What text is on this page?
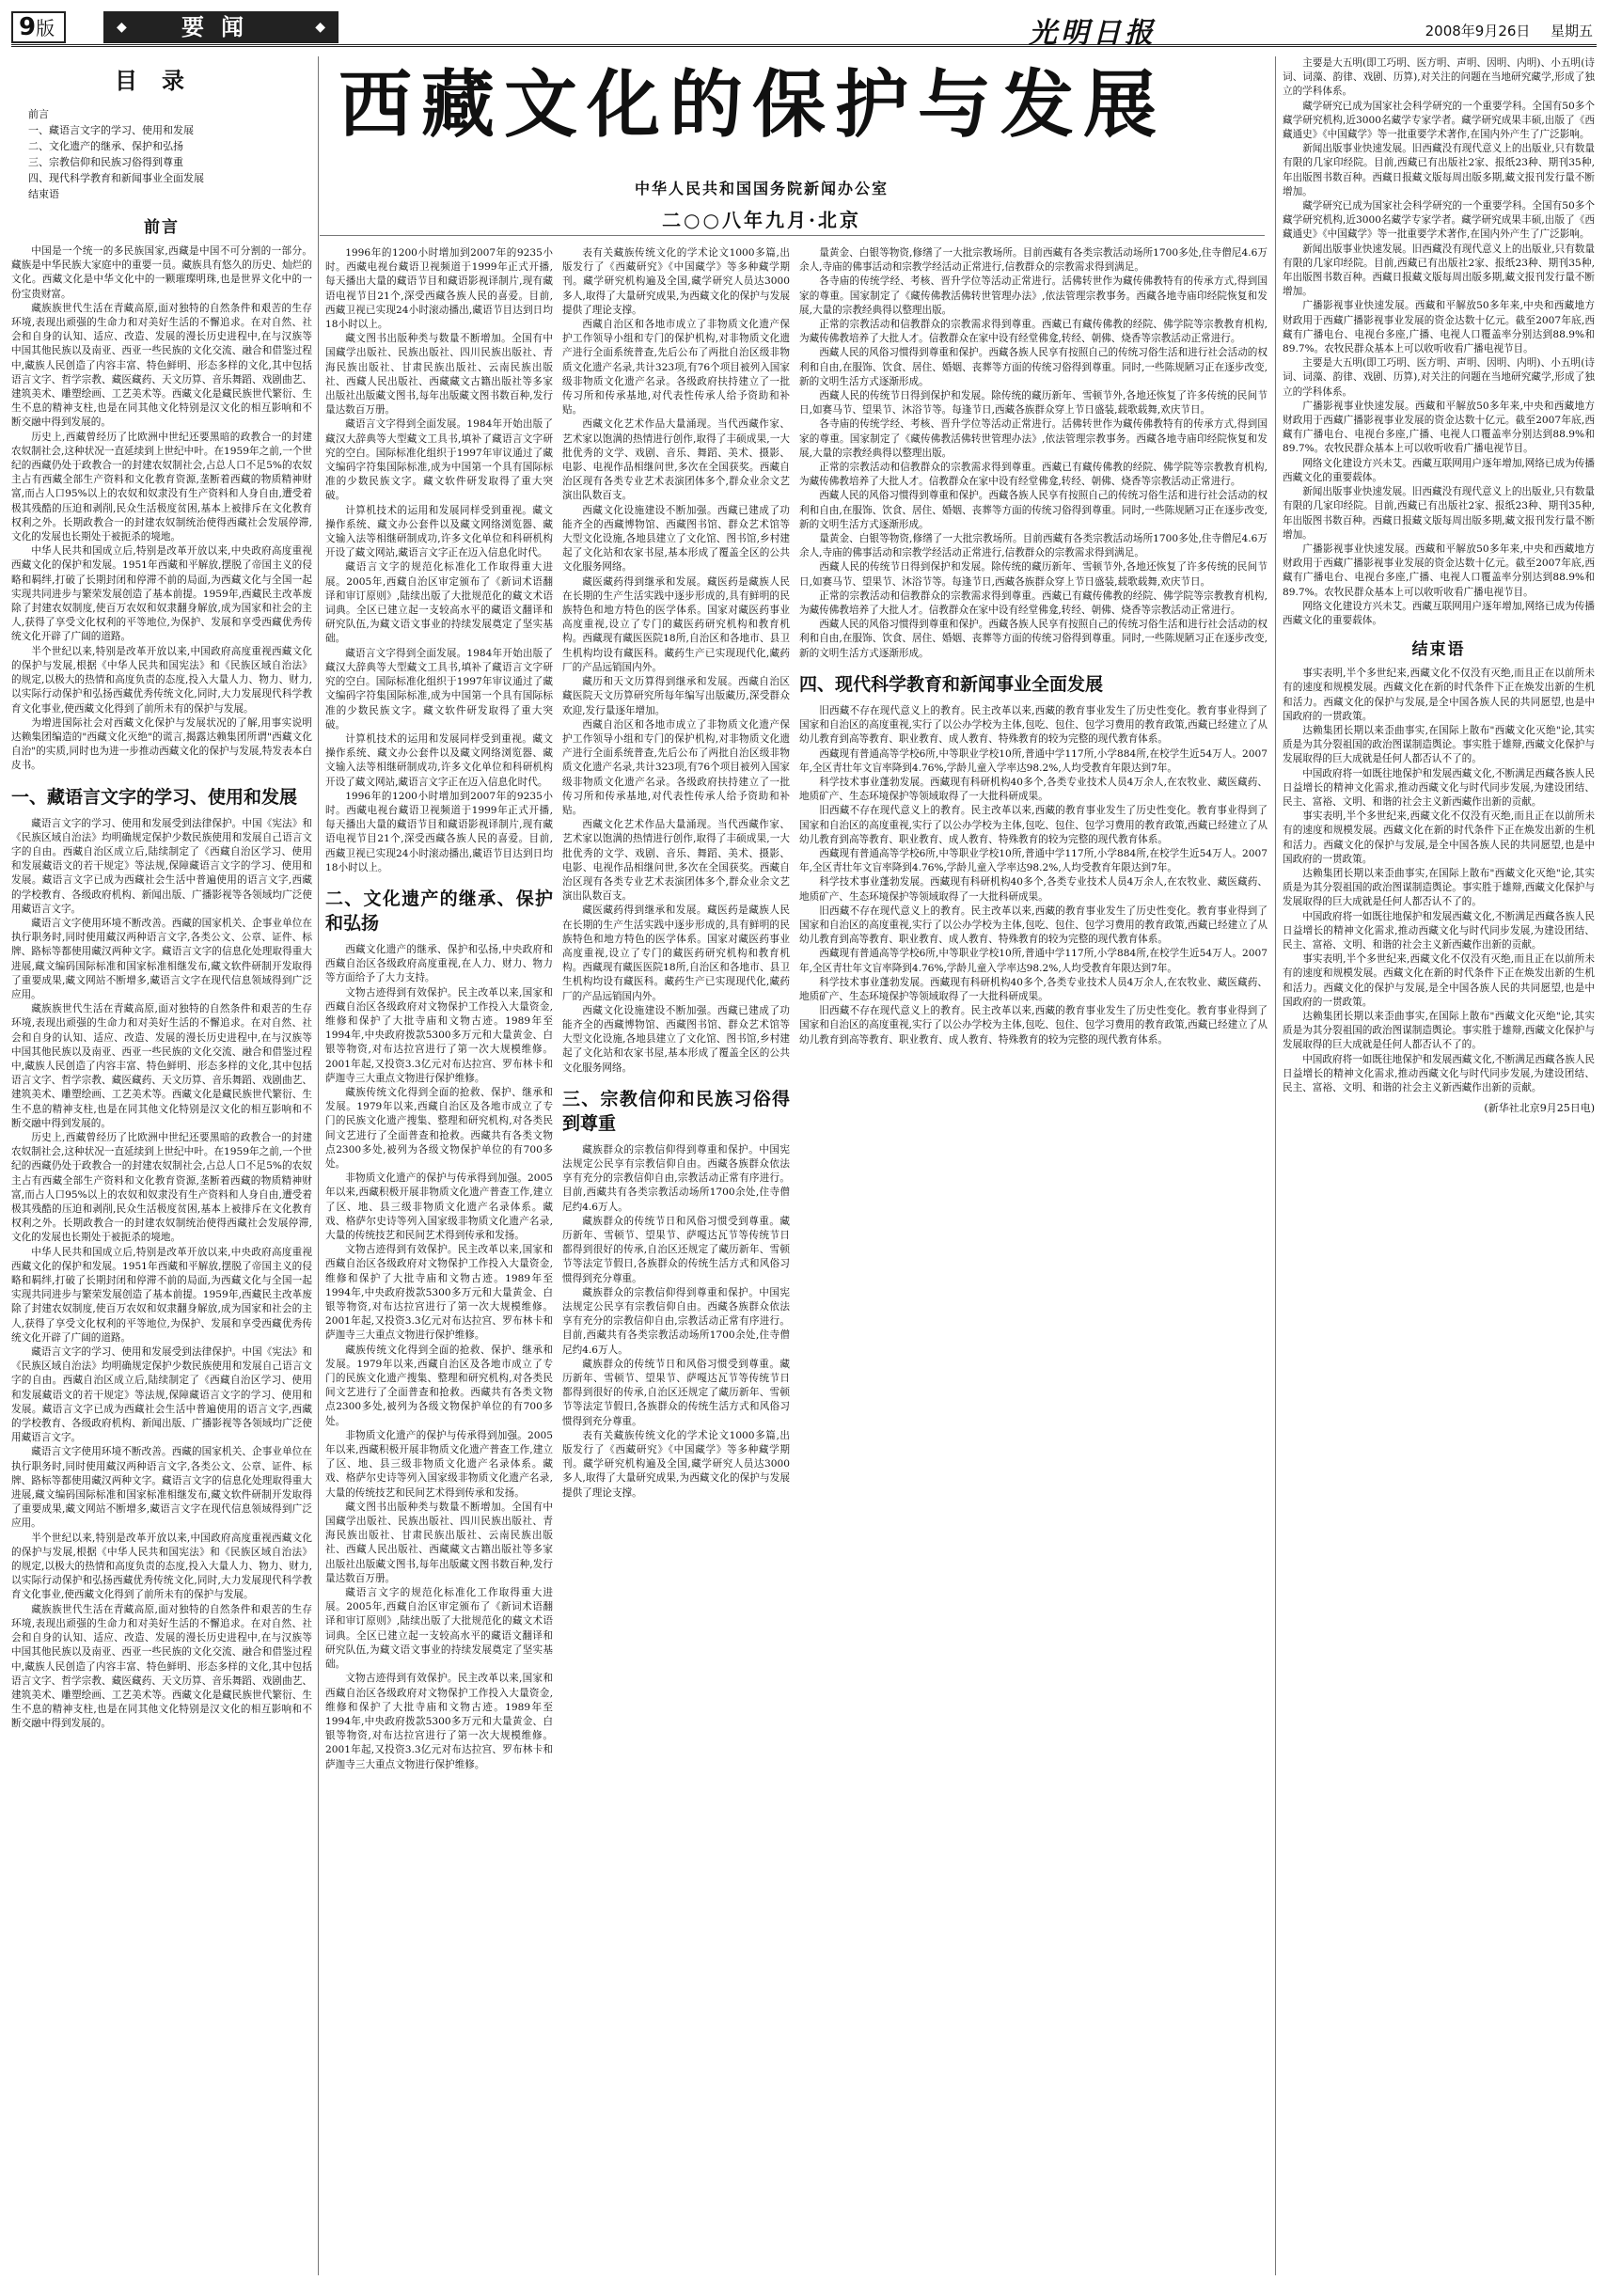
9版
◆	要闻 ◆	光明日报	2008年9月26日 星期五
西藏文化的保护与发展
中华人民共和国国务院新闻办公室
二○○八年九月·北京
目录
前言
一、藏语言文字的学习、使用和发展
二、文化遗产的继承、保护和弘扬
三、宗教信仰和民族习俗得到尊重
四、现代科学教育和新闻事业全面发展
结束语
前言

中国是一个统一的多民族国家,西藏是中国不可分割的一部分。藏族是中华民族大家庭中的重要一员。藏族具有悠久的历史、灿烂的文化。西藏文化是中华文化中的一颗璀璨明珠,也是世界文化中的一份宝贵财富。

藏族族世代生活在青藏高原,面对独特的自然条件和艰苦的生存环境,表现出顽强的生命力和对美好生活的不懈追求。在对自然、社会和自身的认知、适应、改造、发展的漫长历史进程中,在与汉族等中国其他民族以及南亚、西亚一些民族的文化交流、融合和借鉴过程中,藏族人民创造了内容丰富、特色鲜明、形态多样的文化,其中包括语言文字、哲学宗教、藏医藏药、天文历算、音乐舞蹈、戏剧曲艺、建筑美术、雕塑绘画、工艺美术等。西藏文化是藏民族世代繁衍、生生不息的精神支柱,也是在同其他文化特别是汉文化的相互影响和不断交融中得到发展的。

历史上,西藏曾经历了比欧洲中世纪还要黑暗的政教合一的封建农奴制社会,这种状况一直延续到上世纪中叶。在1959年之前,一个世纪的西藏仍处于政教合一的封建农奴制社会,占总人口不足5%的农奴主占有西藏全部生产资料和文化教育资源,垄断着西藏的物质精神财富,而占人口95%以上的农奴和奴隶没有生产资料和人身自由,遭受着极其残酷的压迫和剥削,民众生活极度贫困,基本上被排斥在文化教育权利之外。长期政教合一的封建农奴制统治使得西藏社会发展停滞,文化的发展也长期处于被扼杀的境地。

中华人民共和国成立后,特别是改革开放以来,中央政府高度重视西藏文化的保护和发展。1951年西藏和平解放,摆脱了帝国主义的侵略和羁绊,打破了长期封闭和停滞不前的局面,为西藏文化与全国一起实现共同进步与繁荣发展创造了基本前提。1959年,西藏民主改革废除了封建农奴制度,使百万农奴和奴隶翻身解放,成为国家和社会的主人,获得了享受文化权利的平等地位,为保护、发展和享受西藏优秀传统文化开辟了广阔的道路。

半个世纪以来,特别是改革开放以来,中国政府高度重视西藏文化的保护与发展,根据《中华人民共和国宪法》和《民族区域自治法》的规定,以极大的热情和高度负责的态度,投入大量人力、物力、财力,以实际行动保护和弘扬西藏优秀传统文化,同时,大力发展现代科学教育文化事业,使西藏文化得到了前所未有的保护与发展。

为增进国际社会对西藏文化保护与发展状况的了解,用事实说明达赖集团编造的"西藏文化灭绝"的谎言,揭露达赖集团所谓"西藏文化自治"的实质,同时也为进一步推动西藏文化的保护与发展,特发表本白皮书。

一、藏语言文字的学习、使用和发展

藏语言文字的学习、使用和发展受到法律保护。中国《宪法》和《民族区域自治法》均明确规定保护少数民族使用和发展自己语言文字的自由。西藏自治区成立后,陆续制定了《西藏自治区学习、使用和发展藏语文的若干规定》等法规,保障藏语言文字的学习、使用和发展。藏语言文字已成为西藏社会生活中普遍使用的语言文字,西藏的学校教育、各级政府机构、新闻出版、广播影视等各领域均广泛使用藏语言文字。

藏语言文字使用环境不断改善。西藏的国家机关、企事业单位在执行职务时,同时使用藏汉两种语言文字,各类公文、公章、证件、标牌、路标等都使用藏汉两种文字。藏语言文字的信息化处理取得重大进展,藏文编码国际标准和国家标准相继发布,藏文软件研制开发取得了重要成果,藏文网站不断增多,藏语言文字在现代信息领域得到广泛应用。

藏族族世代生活在青藏高原,面对独特的自然条件和艰苦的生存环境,表现出顽强的生命力和对美好生活的不懈追求。在对自然、社会和自身的认知、适应、改造、发展的漫长历史进程中,在与汉族等中国其他民族以及南亚、西亚一些民族的文化交流、融合和借鉴过程中,藏族人民创造了内容丰富、特色鲜明、形态多样的文化,其中包括语言文字、哲学宗教、藏医藏药、天文历算、音乐舞蹈、戏剧曲艺、建筑美术、雕塑绘画、工艺美术等。西藏文化是藏民族世代繁衍、生生不息的精神支柱,也是在同其他文化特别是汉文化的相互影响和不断交融中得到发展的。

历史上,西藏曾经历了比欧洲中世纪还要黑暗的政教合一的封建农奴制社会,这种状况一直延续到上世纪中叶。在1959年之前,一个世纪的西藏仍处于政教合一的封建农奴制社会,占总人口不足5%的农奴主占有西藏全部生产资料和文化教育资源,垄断着西藏的物质精神财富,而占人口95%以上的农奴和奴隶没有生产资料和人身自由,遭受着极其残酷的压迫和剥削,民众生活极度贫困,基本上被排斥在文化教育权利之外。长期政教合一的封建农奴制统治使得西藏社会发展停滞,文化的发展也长期处于被扼杀的境地。

中华人民共和国成立后,特别是改革开放以来,中央政府高度重视西藏文化的保护和发展。1951年西藏和平解放,摆脱了帝国主义的侵略和羁绊,打破了长期封闭和停滞不前的局面,为西藏文化与全国一起实现共同进步与繁荣发展创造了基本前提。1959年,西藏民主改革废除了封建农奴制度,使百万农奴和奴隶翻身解放,成为国家和社会的主人,获得了享受文化权利的平等地位,为保护、发展和享受西藏优秀传统文化开辟了广阔的道路。

藏语言文字的学习、使用和发展受到法律保护。中国《宪法》和《民族区域自治法》均明确规定保护少数民族使用和发展自己语言文字的自由。西藏自治区成立后,陆续制定了《西藏自治区学习、使用和发展藏语文的若干规定》等法规,保障藏语言文字的学习、使用和发展。藏语言文字已成为西藏社会生活中普遍使用的语言文字,西藏的学校教育、各级政府机构、新闻出版、广播影视等各领域均广泛使用藏语言文字。

藏语言文字使用环境不断改善。西藏的国家机关、企事业单位在执行职务时,同时使用藏汉两种语言文字,各类公文、公章、证件、标牌、路标等都使用藏汉两种文字。藏语言文字的信息化处理取得重大进展,藏文编码国际标准和国家标准相继发布,藏文软件研制开发取得了重要成果,藏文网站不断增多,藏语言文字在现代信息领域得到广泛应用。

半个世纪以来,特别是改革开放以来,中国政府高度重视西藏文化的保护与发展,根据《中华人民共和国宪法》和《民族区域自治法》的规定,以极大的热情和高度负责的态度,投入大量人力、物力、财力,以实际行动保护和弘扬西藏优秀传统文化,同时,大力发展现代科学教育文化事业,使西藏文化得到了前所未有的保护与发展。

藏族族世代生活在青藏高原,面对独特的自然条件和艰苦的生存环境,表现出顽强的生命力和对美好生活的不懈追求。在对自然、社会和自身的认知、适应、改造、发展的漫长历史进程中,在与汉族等中国其他民族以及南亚、西亚一些民族的文化交流、融合和借鉴过程中,藏族人民创造了内容丰富、特色鲜明、形态多样的文化,其中包括语言文字、哲学宗教、藏医藏药、天文历算、音乐舞蹈、戏剧曲艺、建筑美术、雕塑绘画、工艺美术等。西藏文化是藏民族世代繁衍、生生不息的精神支柱,也是在同其他文化特别是汉文化的相互影响和不断交融中得到发展的。

1996年的1200小时增加到2007年的9235小时。西藏电视台藏语卫视频道于1999年正式开播,每天播出大量的藏语节目和藏语影视译制片,现有藏语电视节目21个,深受西藏各族人民的喜爱。目前,西藏卫视已实现24小时滚动播出,藏语节目达到日均18小时以上。

藏文图书出版种类与数量不断增加。全国有中国藏学出版社、民族出版社、四川民族出版社、青海民族出版社、甘肃民族出版社、云南民族出版社、西藏人民出版社、西藏藏文古籍出版社等多家出版社出版藏文图书,每年出版藏文图书数百种,发行量达数百万册。

藏语言文字得到全面发展。1984年开始出版了藏汉大辞典等大型藏文工具书,填补了藏语言文字研究的空白。国际标准化组织于1997年审议通过了藏文编码字符集国际标准,成为中国第一个具有国际标准的少数民族文字。藏文软件研发取得了重大突破。

计算机技术的运用和发展同样受到重视。藏文操作系统、藏文办公套件以及藏文网络浏览器、藏文输入法等相继研制成功,许多文化单位和科研机构开设了藏文网站,藏语言文字正在迈入信息化时代。

藏语言文字的规范化标准化工作取得重大进展。2005年,西藏自治区审定颁布了《新词术语翻译和审订原则》,陆续出版了大批规范化的藏文术语词典。全区已建立起一支较高水平的藏语文翻译和研究队伍,为藏文语文事业的持续发展奠定了坚实基础。

藏语言文字得到全面发展。1984年开始出版了藏汉大辞典等大型藏文工具书,填补了藏语言文字研究的空白。国际标准化组织于1997年审议通过了藏文编码字符集国际标准,成为中国第一个具有国际标准的少数民族文字。藏文软件研发取得了重大突破。

计算机技术的运用和发展同样受到重视。藏文操作系统、藏文办公套件以及藏文网络浏览器、藏文输入法等相继研制成功,许多文化单位和科研机构开设了藏文网站,藏语言文字正在迈入信息化时代。

1996年的1200小时增加到2007年的9235小时。西藏电视台藏语卫视频道于1999年正式开播,每天播出大量的藏语节目和藏语影视译制片,现有藏语电视节目21个,深受西藏各族人民的喜爱。目前,西藏卫视已实现24小时滚动播出,藏语节目达到日均18小时以上。

二、文化遗产的继承、保护和弘扬

西藏文化遗产的继承、保护和弘扬,中央政府和西藏自治区各级政府高度重视,在人力、财力、物力等方面给予了大力支持。

文物古迹得到有效保护。民主改革以来,国家和西藏自治区各级政府对文物保护工作投入大量资金,维修和保护了大批寺庙和文物古迹。1989年至1994年,中央政府拨款5300多万元和大量黄金、白银等物资,对布达拉宫进行了第一次大规模维修。2001年起,又投资3.3亿元对布达拉宫、罗布林卡和萨迦寺三大重点文物进行保护维修。

藏族传统文化得到全面的抢救、保护、继承和发展。1979年以来,西藏自治区及各地市成立了专门的民族文化遗产搜集、整理和研究机构,对各类民间文艺进行了全面普查和抢救。西藏共有各类文物点2300多处,被列为各级文物保护单位的有700多处。

非物质文化遗产的保护与传承得到加强。2005年以来,西藏积极开展非物质文化遗产普查工作,建立了区、地、县三级非物质文化遗产名录体系。藏戏、格萨尔史诗等列入国家级非物质文化遗产名录,大量的传统技艺和民间艺术得到传承和发扬。

文物古迹得到有效保护。民主改革以来,国家和西藏自治区各级政府对文物保护工作投入大量资金,维修和保护了大批寺庙和文物古迹。1989年至1994年,中央政府拨款5300多万元和大量黄金、白银等物资,对布达拉宫进行了第一次大规模维修。2001年起,又投资3.3亿元对布达拉宫、罗布林卡和萨迦寺三大重点文物进行保护维修。

藏族传统文化得到全面的抢救、保护、继承和发展。1979年以来,西藏自治区及各地市成立了专门的民族文化遗产搜集、整理和研究机构,对各类民间文艺进行了全面普查和抢救。西藏共有各类文物点2300多处,被列为各级文物保护单位的有700多处。

非物质文化遗产的保护与传承得到加强。2005年以来,西藏积极开展非物质文化遗产普查工作,建立了区、地、县三级非物质文化遗产名录体系。藏戏、格萨尔史诗等列入国家级非物质文化遗产名录,大量的传统技艺和民间艺术得到传承和发扬。

藏文图书出版种类与数量不断增加。全国有中国藏学出版社、民族出版社、四川民族出版社、青海民族出版社、甘肃民族出版社、云南民族出版社、西藏人民出版社、西藏藏文古籍出版社等多家出版社出版藏文图书,每年出版藏文图书数百种,发行量达数百万册。

藏语言文字的规范化标准化工作取得重大进展。2005年,西藏自治区审定颁布了《新词术语翻译和审订原则》,陆续出版了大批规范化的藏文术语词典。全区已建立起一支较高水平的藏语文翻译和研究队伍,为藏文语文事业的持续发展奠定了坚实基础。

文物古迹得到有效保护。民主改革以来,国家和西藏自治区各级政府对文物保护工作投入大量资金,维修和保护了大批寺庙和文物古迹。1989年至1994年,中央政府拨款5300多万元和大量黄金、白银等物资,对布达拉宫进行了第一次大规模维修。2001年起,又投资3.3亿元对布达拉宫、罗布林卡和萨迦寺三大重点文物进行保护维修。

表有关藏族传统文化的学术论文1000多篇,出版发行了《西藏研究》《中国藏学》等多种藏学期刊。藏学研究机构遍及全国,藏学研究人员达3000多人,取得了大量研究成果,为西藏文化的保护与发展提供了理论支撑。

西藏自治区和各地市成立了非物质文化遗产保护工作领导小组和专门的保护机构,对非物质文化遗产进行全面系统普查,先后公布了两批自治区级非物质文化遗产名录,共计323项,有76个项目被列入国家级非物质文化遗产名录。各级政府扶持建立了一批传习所和传承基地,对代表性传承人给予资助和补贴。

西藏文化艺术作品大量涌现。当代西藏作家、艺术家以饱满的热情进行创作,取得了丰硕成果,一大批优秀的文学、戏剧、音乐、舞蹈、美术、摄影、电影、电视作品相继问世,多次在全国获奖。西藏自治区现有各类专业艺术表演团体多个,群众业余文艺演出队数百支。

西藏文化设施建设不断加强。西藏已建成了功能齐全的西藏博物馆、西藏图书馆、群众艺术馆等大型文化设施,各地县建立了文化馆、图书馆,乡村建起了文化站和农家书屋,基本形成了覆盖全区的公共文化服务网络。

藏医藏药得到继承和发展。藏医药是藏族人民在长期的生产生活实践中逐步形成的,具有鲜明的民族特色和地方特色的医学体系。国家对藏医药事业高度重视,设立了专门的藏医药研究机构和教育机构。西藏现有藏医医院18所,自治区和各地市、县卫生机构均设有藏医科。藏药生产已实现现代化,藏药厂的产品远销国内外。

藏历和天文历算得到继承和发展。西藏自治区藏医院天文历算研究所每年编写出版藏历,深受群众欢迎,发行量逐年增加。

西藏自治区和各地市成立了非物质文化遗产保护工作领导小组和专门的保护机构,对非物质文化遗产进行全面系统普查,先后公布了两批自治区级非物质文化遗产名录,共计323项,有76个项目被列入国家级非物质文化遗产名录。各级政府扶持建立了一批传习所和传承基地,对代表性传承人给予资助和补贴。

西藏文化艺术作品大量涌现。当代西藏作家、艺术家以饱满的热情进行创作,取得了丰硕成果,一大批优秀的文学、戏剧、音乐、舞蹈、美术、摄影、电影、电视作品相继问世,多次在全国获奖。西藏自治区现有各类专业艺术表演团体多个,群众业余文艺演出队数百支。

藏医藏药得到继承和发展。藏医药是藏族人民在长期的生产生活实践中逐步形成的,具有鲜明的民族特色和地方特色的医学体系。国家对藏医药事业高度重视,设立了专门的藏医药研究机构和教育机构。西藏现有藏医医院18所,自治区和各地市、县卫生机构均设有藏医科。藏药生产已实现现代化,藏药厂的产品远销国内外。

西藏文化设施建设不断加强。西藏已建成了功能齐全的西藏博物馆、西藏图书馆、群众艺术馆等大型文化设施,各地县建立了文化馆、图书馆,乡村建起了文化站和农家书屋,基本形成了覆盖全区的公共文化服务网络。

三、宗教信仰和民族习俗得到尊重

藏族群众的宗教信仰得到尊重和保护。中国宪法规定公民享有宗教信仰自由。西藏各族群众依法享有充分的宗教信仰自由,宗教活动正常有序进行。目前,西藏共有各类宗教活动场所1700余处,住寺僧尼约4.6万人。

藏族群众的传统节日和风俗习惯受到尊重。藏历新年、雪顿节、望果节、萨嘎达瓦节等传统节日都得到很好的传承,自治区还规定了藏历新年、雪顿节等法定节假日,各族群众的传统生活方式和风俗习惯得到充分尊重。

藏族群众的宗教信仰得到尊重和保护。中国宪法规定公民享有宗教信仰自由。西藏各族群众依法享有充分的宗教信仰自由,宗教活动正常有序进行。目前,西藏共有各类宗教活动场所1700余处,住寺僧尼约4.6万人。

藏族群众的传统节日和风俗习惯受到尊重。藏历新年、雪顿节、望果节、萨嘎达瓦节等传统节日都得到很好的传承,自治区还规定了藏历新年、雪顿节等法定节假日,各族群众的传统生活方式和风俗习惯得到充分尊重。

表有关藏族传统文化的学术论文1000多篇,出版发行了《西藏研究》《中国藏学》等多种藏学期刊。藏学研究机构遍及全国,藏学研究人员达3000多人,取得了大量研究成果,为西藏文化的保护与发展提供了理论支撑。

量黄金、白银等物资,修缮了一大批宗教场所。目前西藏有各类宗教活动场所1700多处,住寺僧尼4.6万余人,寺庙的佛事活动和宗教学经活动正常进行,信教群众的宗教需求得到满足。

各寺庙的传统学经、考核、晋升学位等活动正常进行。活佛转世作为藏传佛教特有的传承方式,得到国家的尊重。国家制定了《藏传佛教活佛转世管理办法》,依法管理宗教事务。西藏各地寺庙印经院恢复和发展,大量的宗教经典得以整理出版。

正常的宗教活动和信教群众的宗教需求得到尊重。西藏已有藏传佛教的经院、佛学院等宗教教育机构,为藏传佛教培养了大批人才。信教群众在家中设有经堂佛龛,转经、朝佛、烧香等宗教活动正常进行。

西藏人民的风俗习惯得到尊重和保护。西藏各族人民享有按照自己的传统习俗生活和进行社会活动的权利和自由,在服饰、饮食、居住、婚姻、丧葬等方面的传统习俗得到尊重。同时,一些陈规陋习正在逐步改变,新的文明生活方式逐渐形成。

西藏人民的传统节日得到保护和发展。除传统的藏历新年、雪顿节外,各地还恢复了许多传统的民间节日,如赛马节、望果节、沐浴节等。每逢节日,西藏各族群众穿上节日盛装,载歌载舞,欢庆节日。

各寺庙的传统学经、考核、晋升学位等活动正常进行。活佛转世作为藏传佛教特有的传承方式,得到国家的尊重。国家制定了《藏传佛教活佛转世管理办法》,依法管理宗教事务。西藏各地寺庙印经院恢复和发展,大量的宗教经典得以整理出版。

正常的宗教活动和信教群众的宗教需求得到尊重。西藏已有藏传佛教的经院、佛学院等宗教教育机构,为藏传佛教培养了大批人才。信教群众在家中设有经堂佛龛,转经、朝佛、烧香等宗教活动正常进行。

西藏人民的风俗习惯得到尊重和保护。西藏各族人民享有按照自己的传统习俗生活和进行社会活动的权利和自由,在服饰、饮食、居住、婚姻、丧葬等方面的传统习俗得到尊重。同时,一些陈规陋习正在逐步改变,新的文明生活方式逐渐形成。

量黄金、白银等物资,修缮了一大批宗教场所。目前西藏有各类宗教活动场所1700多处,住寺僧尼4.6万余人,寺庙的佛事活动和宗教学经活动正常进行,信教群众的宗教需求得到满足。

西藏人民的传统节日得到保护和发展。除传统的藏历新年、雪顿节外,各地还恢复了许多传统的民间节日,如赛马节、望果节、沐浴节等。每逢节日,西藏各族群众穿上节日盛装,载歌载舞,欢庆节日。

正常的宗教活动和信教群众的宗教需求得到尊重。西藏已有藏传佛教的经院、佛学院等宗教教育机构,为藏传佛教培养了大批人才。信教群众在家中设有经堂佛龛,转经、朝佛、烧香等宗教活动正常进行。

西藏人民的风俗习惯得到尊重和保护。西藏各族人民享有按照自己的传统习俗生活和进行社会活动的权利和自由,在服饰、饮食、居住、婚姻、丧葬等方面的传统习俗得到尊重。同时,一些陈规陋习正在逐步改变,新的文明生活方式逐渐形成。

四、现代科学教育和新闻事业全面发展

旧西藏不存在现代意义上的教育。民主改革以来,西藏的教育事业发生了历史性变化。教育事业得到了国家和自治区的高度重视,实行了以公办学校为主体,包吃、包住、包学习费用的教育政策,西藏已经建立了从幼儿教育到高等教育、职业教育、成人教育、特殊教育的较为完整的现代教育体系。

西藏现有普通高等学校6所,中等职业学校10所,普通中学117所,小学884所,在校学生近54万人。2007年,全区青壮年文盲率降到4.76%,学龄儿童入学率达98.2%,人均受教育年限达到7年。

科学技术事业蓬勃发展。西藏现有科研机构40多个,各类专业技术人员4万余人,在农牧业、藏医藏药、地质矿产、生态环境保护等领域取得了一大批科研成果。

旧西藏不存在现代意义上的教育。民主改革以来,西藏的教育事业发生了历史性变化。教育事业得到了国家和自治区的高度重视,实行了以公办学校为主体,包吃、包住、包学习费用的教育政策,西藏已经建立了从幼儿教育到高等教育、职业教育、成人教育、特殊教育的较为完整的现代教育体系。

西藏现有普通高等学校6所,中等职业学校10所,普通中学117所,小学884所,在校学生近54万人。2007年,全区青壮年文盲率降到4.76%,学龄儿童入学率达98.2%,人均受教育年限达到7年。

科学技术事业蓬勃发展。西藏现有科研机构40多个,各类专业技术人员4万余人,在农牧业、藏医藏药、地质矿产、生态环境保护等领域取得了一大批科研成果。

旧西藏不存在现代意义上的教育。民主改革以来,西藏的教育事业发生了历史性变化。教育事业得到了国家和自治区的高度重视,实行了以公办学校为主体,包吃、包住、包学习费用的教育政策,西藏已经建立了从幼儿教育到高等教育、职业教育、成人教育、特殊教育的较为完整的现代教育体系。

西藏现有普通高等学校6所,中等职业学校10所,普通中学117所,小学884所,在校学生近54万人。2007年,全区青壮年文盲率降到4.76%,学龄儿童入学率达98.2%,人均受教育年限达到7年。

科学技术事业蓬勃发展。西藏现有科研机构40多个,各类专业技术人员4万余人,在农牧业、藏医藏药、地质矿产、生态环境保护等领域取得了一大批科研成果。

旧西藏不存在现代意义上的教育。民主改革以来,西藏的教育事业发生了历史性变化。教育事业得到了国家和自治区的高度重视,实行了以公办学校为主体,包吃、包住、包学习费用的教育政策,西藏已经建立了从幼儿教育到高等教育、职业教育、成人教育、特殊教育的较为完整的现代教育体系。

主要是大五明(即工巧明、医方明、声明、因明、内明)、小五明(诗词、词藻、韵律、戏剧、历算),对关注的问题在当地研究藏学,形成了独立的学科体系。

藏学研究已成为国家社会科学研究的一个重要学科。全国有50多个藏学研究机构,近3000名藏学专家学者。藏学研究成果丰硕,出版了《西藏通史》《中国藏学》等一批重要学术著作,在国内外产生了广泛影响。

新闻出版事业快速发展。旧西藏没有现代意义上的出版业,只有数量有限的几家印经院。目前,西藏已有出版社2家、报纸23种、期刊35种,年出版图书数百种。西藏日报藏文版每周出版多期,藏文报刊发行量不断增加。

藏学研究已成为国家社会科学研究的一个重要学科。全国有50多个藏学研究机构,近3000名藏学专家学者。藏学研究成果丰硕,出版了《西藏通史》《中国藏学》等一批重要学术著作,在国内外产生了广泛影响。

新闻出版事业快速发展。旧西藏没有现代意义上的出版业,只有数量有限的几家印经院。目前,西藏已有出版社2家、报纸23种、期刊35种,年出版图书数百种。西藏日报藏文版每周出版多期,藏文报刊发行量不断增加。

广播影视事业快速发展。西藏和平解放50多年来,中央和西藏地方财政用于西藏广播影视事业发展的资金达数十亿元。截至2007年底,西藏有广播电台、电视台多座,广播、电视人口覆盖率分别达到88.9%和89.7%。农牧民群众基本上可以收听收看广播电视节目。

主要是大五明(即工巧明、医方明、声明、因明、内明)、小五明(诗词、词藻、韵律、戏剧、历算),对关注的问题在当地研究藏学,形成了独立的学科体系。

广播影视事业快速发展。西藏和平解放50多年来,中央和西藏地方财政用于西藏广播影视事业发展的资金达数十亿元。截至2007年底,西藏有广播电台、电视台多座,广播、电视人口覆盖率分别达到88.9%和89.7%。农牧民群众基本上可以收听收看广播电视节目。

网络文化建设方兴未艾。西藏互联网用户逐年增加,网络已成为传播西藏文化的重要载体。

新闻出版事业快速发展。旧西藏没有现代意义上的出版业,只有数量有限的几家印经院。目前,西藏已有出版社2家、报纸23种、期刊35种,年出版图书数百种。西藏日报藏文版每周出版多期,藏文报刊发行量不断增加。

广播影视事业快速发展。西藏和平解放50多年来,中央和西藏地方财政用于西藏广播影视事业发展的资金达数十亿元。截至2007年底,西藏有广播电台、电视台多座,广播、电视人口覆盖率分别达到88.9%和89.7%。农牧民群众基本上可以收听收看广播电视节目。

网络文化建设方兴未艾。西藏互联网用户逐年增加,网络已成为传播西藏文化的重要载体。

结束语

事实表明,半个多世纪来,西藏文化不仅没有灭绝,而且正在以前所未有的速度和规模发展。西藏文化在新的时代条件下正在焕发出新的生机和活力。西藏文化的保护与发展,是全中国各族人民的共同愿望,也是中国政府的一贯政策。

达赖集团长期以来歪曲事实,在国际上散布"西藏文化灭绝"论,其实质是为其分裂祖国的政治图谋制造舆论。事实胜于雄辩,西藏文化保护与发展取得的巨大成就是任何人都否认不了的。

中国政府将一如既往地保护和发展西藏文化,不断满足西藏各族人民日益增长的精神文化需求,推动西藏文化与时代同步发展,为建设团结、民主、富裕、文明、和谐的社会主义新西藏作出新的贡献。

事实表明,半个多世纪来,西藏文化不仅没有灭绝,而且正在以前所未有的速度和规模发展。西藏文化在新的时代条件下正在焕发出新的生机和活力。西藏文化的保护与发展,是全中国各族人民的共同愿望,也是中国政府的一贯政策。

达赖集团长期以来歪曲事实,在国际上散布"西藏文化灭绝"论,其实质是为其分裂祖国的政治图谋制造舆论。事实胜于雄辩,西藏文化保护与发展取得的巨大成就是任何人都否认不了的。

中国政府将一如既往地保护和发展西藏文化,不断满足西藏各族人民日益增长的精神文化需求,推动西藏文化与时代同步发展,为建设团结、民主、富裕、文明、和谐的社会主义新西藏作出新的贡献。

事实表明,半个多世纪来,西藏文化不仅没有灭绝,而且正在以前所未有的速度和规模发展。西藏文化在新的时代条件下正在焕发出新的生机和活力。西藏文化的保护与发展,是全中国各族人民的共同愿望,也是中国政府的一贯政策。

达赖集团长期以来歪曲事实,在国际上散布"西藏文化灭绝"论,其实质是为其分裂祖国的政治图谋制造舆论。事实胜于雄辩,西藏文化保护与发展取得的巨大成就是任何人都否认不了的。

中国政府将一如既往地保护和发展西藏文化,不断满足西藏各族人民日益增长的精神文化需求,推动西藏文化与时代同步发展,为建设团结、民主、富裕、文明、和谐的社会主义新西藏作出新的贡献。

(新华社北京9月25日电)
